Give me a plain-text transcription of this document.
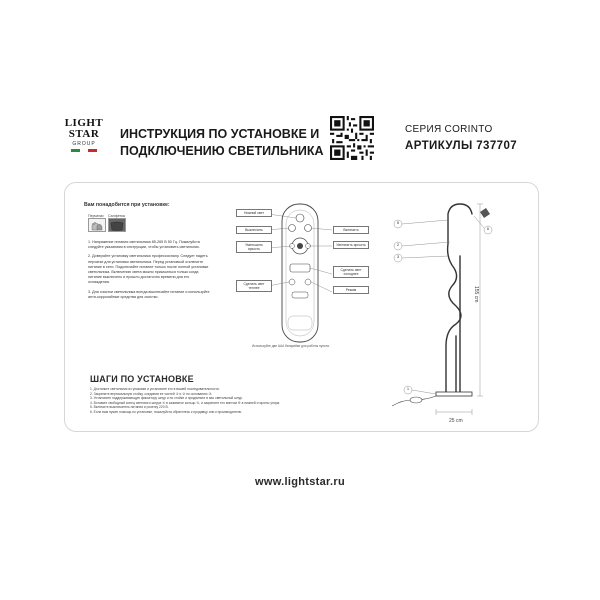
LIGHT
STAR
GROUP
ИНСТРУКЦИЯ ПО УСТАНОВКЕ И
ПОДКЛЮЧЕНИЮ СВЕТИЛЬНИКА
СЕРИЯ CORINTO
АРТИКУЛЫ 737707
Вам понадобится при установке:
Перчатки	Салфетка

1. Напряжение питания светильника 85-265 В 50 Гц. Пожалуйста следуйте указаниям в инструкции, чтобы установить светильник.

2. Доверяйте установку светильника профессионалу. Следует надеть перчатки для установки светильника. Перед установкой отключите питание в сети. Подключайте питание только после полной установки светильника. Включению света можно прикасаться только когда питание выключено и прошло достаточно времени для его охлаждения.

3. Для очистки светильника всегда выключайте питание и используйте анти-коррозийные средства для очистки.

Нижний свет
Выключить
Уменьшить яркость
Сделать свет теплее
Включить
Увеличить яркость
Сделать свет холоднее
Режим
Используйте две AAA батарейки для работы пульта.
5
2
3
1
6
155 cm
25 cm
ШАГИ ПО УСТАНОВКЕ
1. Достаньте светильник из упаковки и установите его в вашей последовательности.
2. Закрепите вертикальную стойку, соединив ее частей ① и ② по основанию ③.
3. Установите поддерживающую фиксатору шнур и по стойке и продвиньте в вас светильный шнур.
4. Вставьте свободный конец светового шнура ④ в зажимное кольцо ⑤, и закрепите его винтом ⑥ в нижней стороны упора.
5. Включите выключатель питания и розетку 220 В.
6. Если вам нужен помощь по установке, пожалуйста обратитесь к продавцу или к производителю.
www.lightstar.ru
